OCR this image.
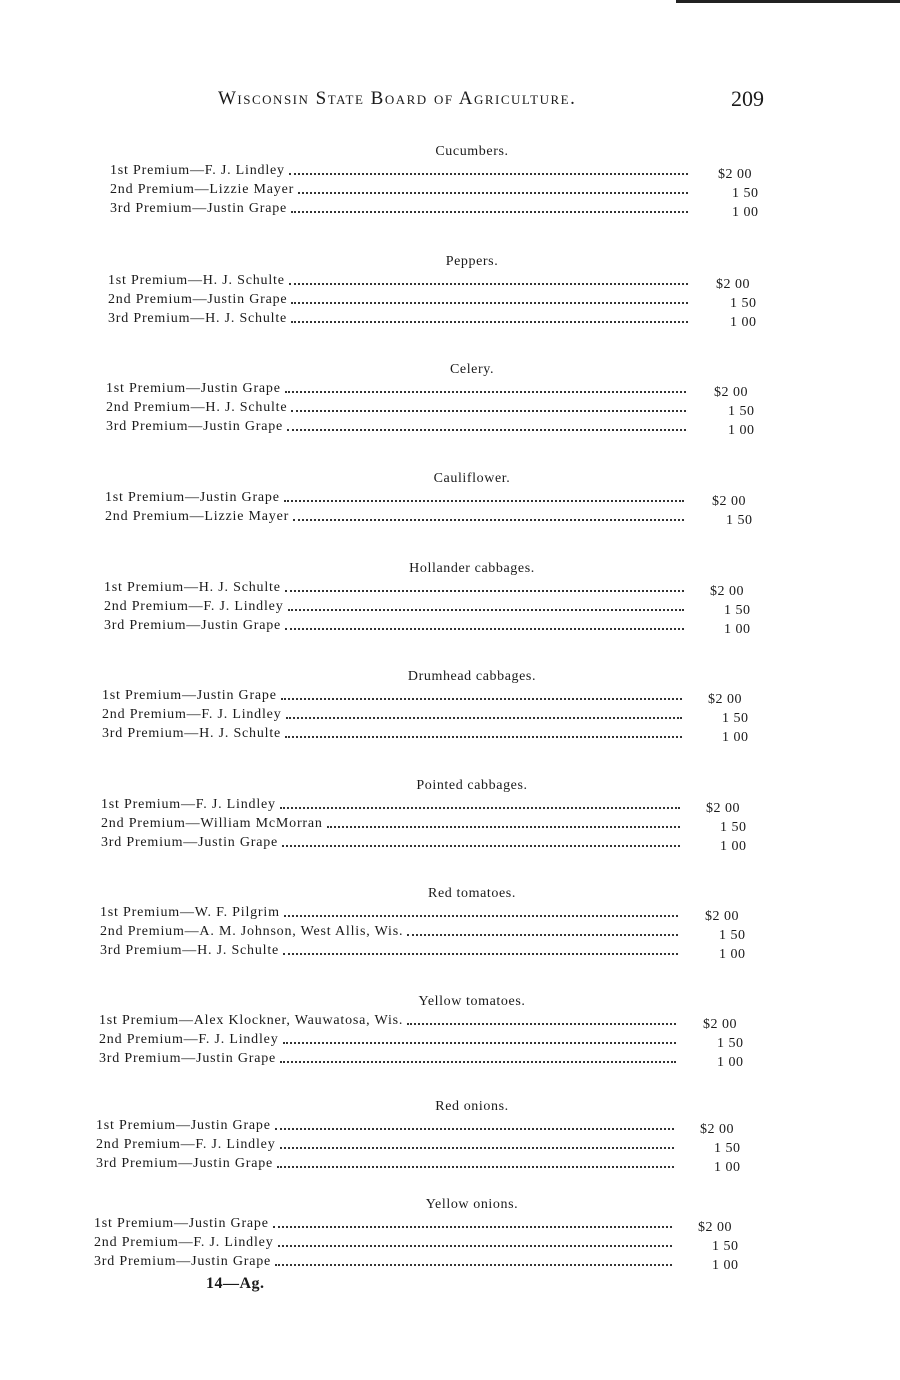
Wisconsin State Board of Agriculture.	209
Cucumbers.
1st Premium—F. J. Lindley	$2 00
2nd Premium—Lizzie Mayer	1 50
3rd Premium—Justin Grape	1 00
Peppers.
1st Premium—H. J. Schulte	$2 00
2nd Premium—Justin Grape	1 50
3rd Premium—H. J. Schulte	1 00
Celery.
1st Premium—Justin Grape	$2 00
2nd Premium—H. J. Schulte	1 50
3rd Premium—Justin Grape	1 00
Cauliflower.
1st Premium—Justin Grape	$2 00
2nd Premium—Lizzie Mayer	1 50
Hollander cabbages.
1st Premium—H. J. Schulte	$2 00
2nd Premium—F. J. Lindley	1 50
3rd Premium—Justin Grape	1 00
Drumhead cabbages.
1st Premium—Justin Grape	$2 00
2nd Premium—F. J. Lindley	1 50
3rd Premium—H. J. Schulte	1 00
Pointed cabbages.
1st Premium—F. J. Lindley	$2 00
2nd Premium—William McMorran	1 50
3rd Premium—Justin Grape	1 00
Red tomatoes.
1st Premium—W. F. Pilgrim	$2 00
2nd Premium—A. M. Johnson, West Allis, Wis.	1 50
3rd Premium—H. J. Schulte	1 00
Yellow tomatoes.
1st Premium—Alex Klockner, Wauwatosa, Wis.	$2 00
2nd Premium—F. J. Lindley	1 50
3rd Premium—Justin Grape	1 00
Red onions.
1st Premium—Justin Grape	$2 00
2nd Premium—F. J. Lindley	1 50
3rd Premium—Justin Grape	1 00
Yellow onions.
1st Premium—Justin Grape	$2 00
2nd Premium—F. J. Lindley	1 50
3rd Premium—Justin Grape	1 00
14—Ag.
